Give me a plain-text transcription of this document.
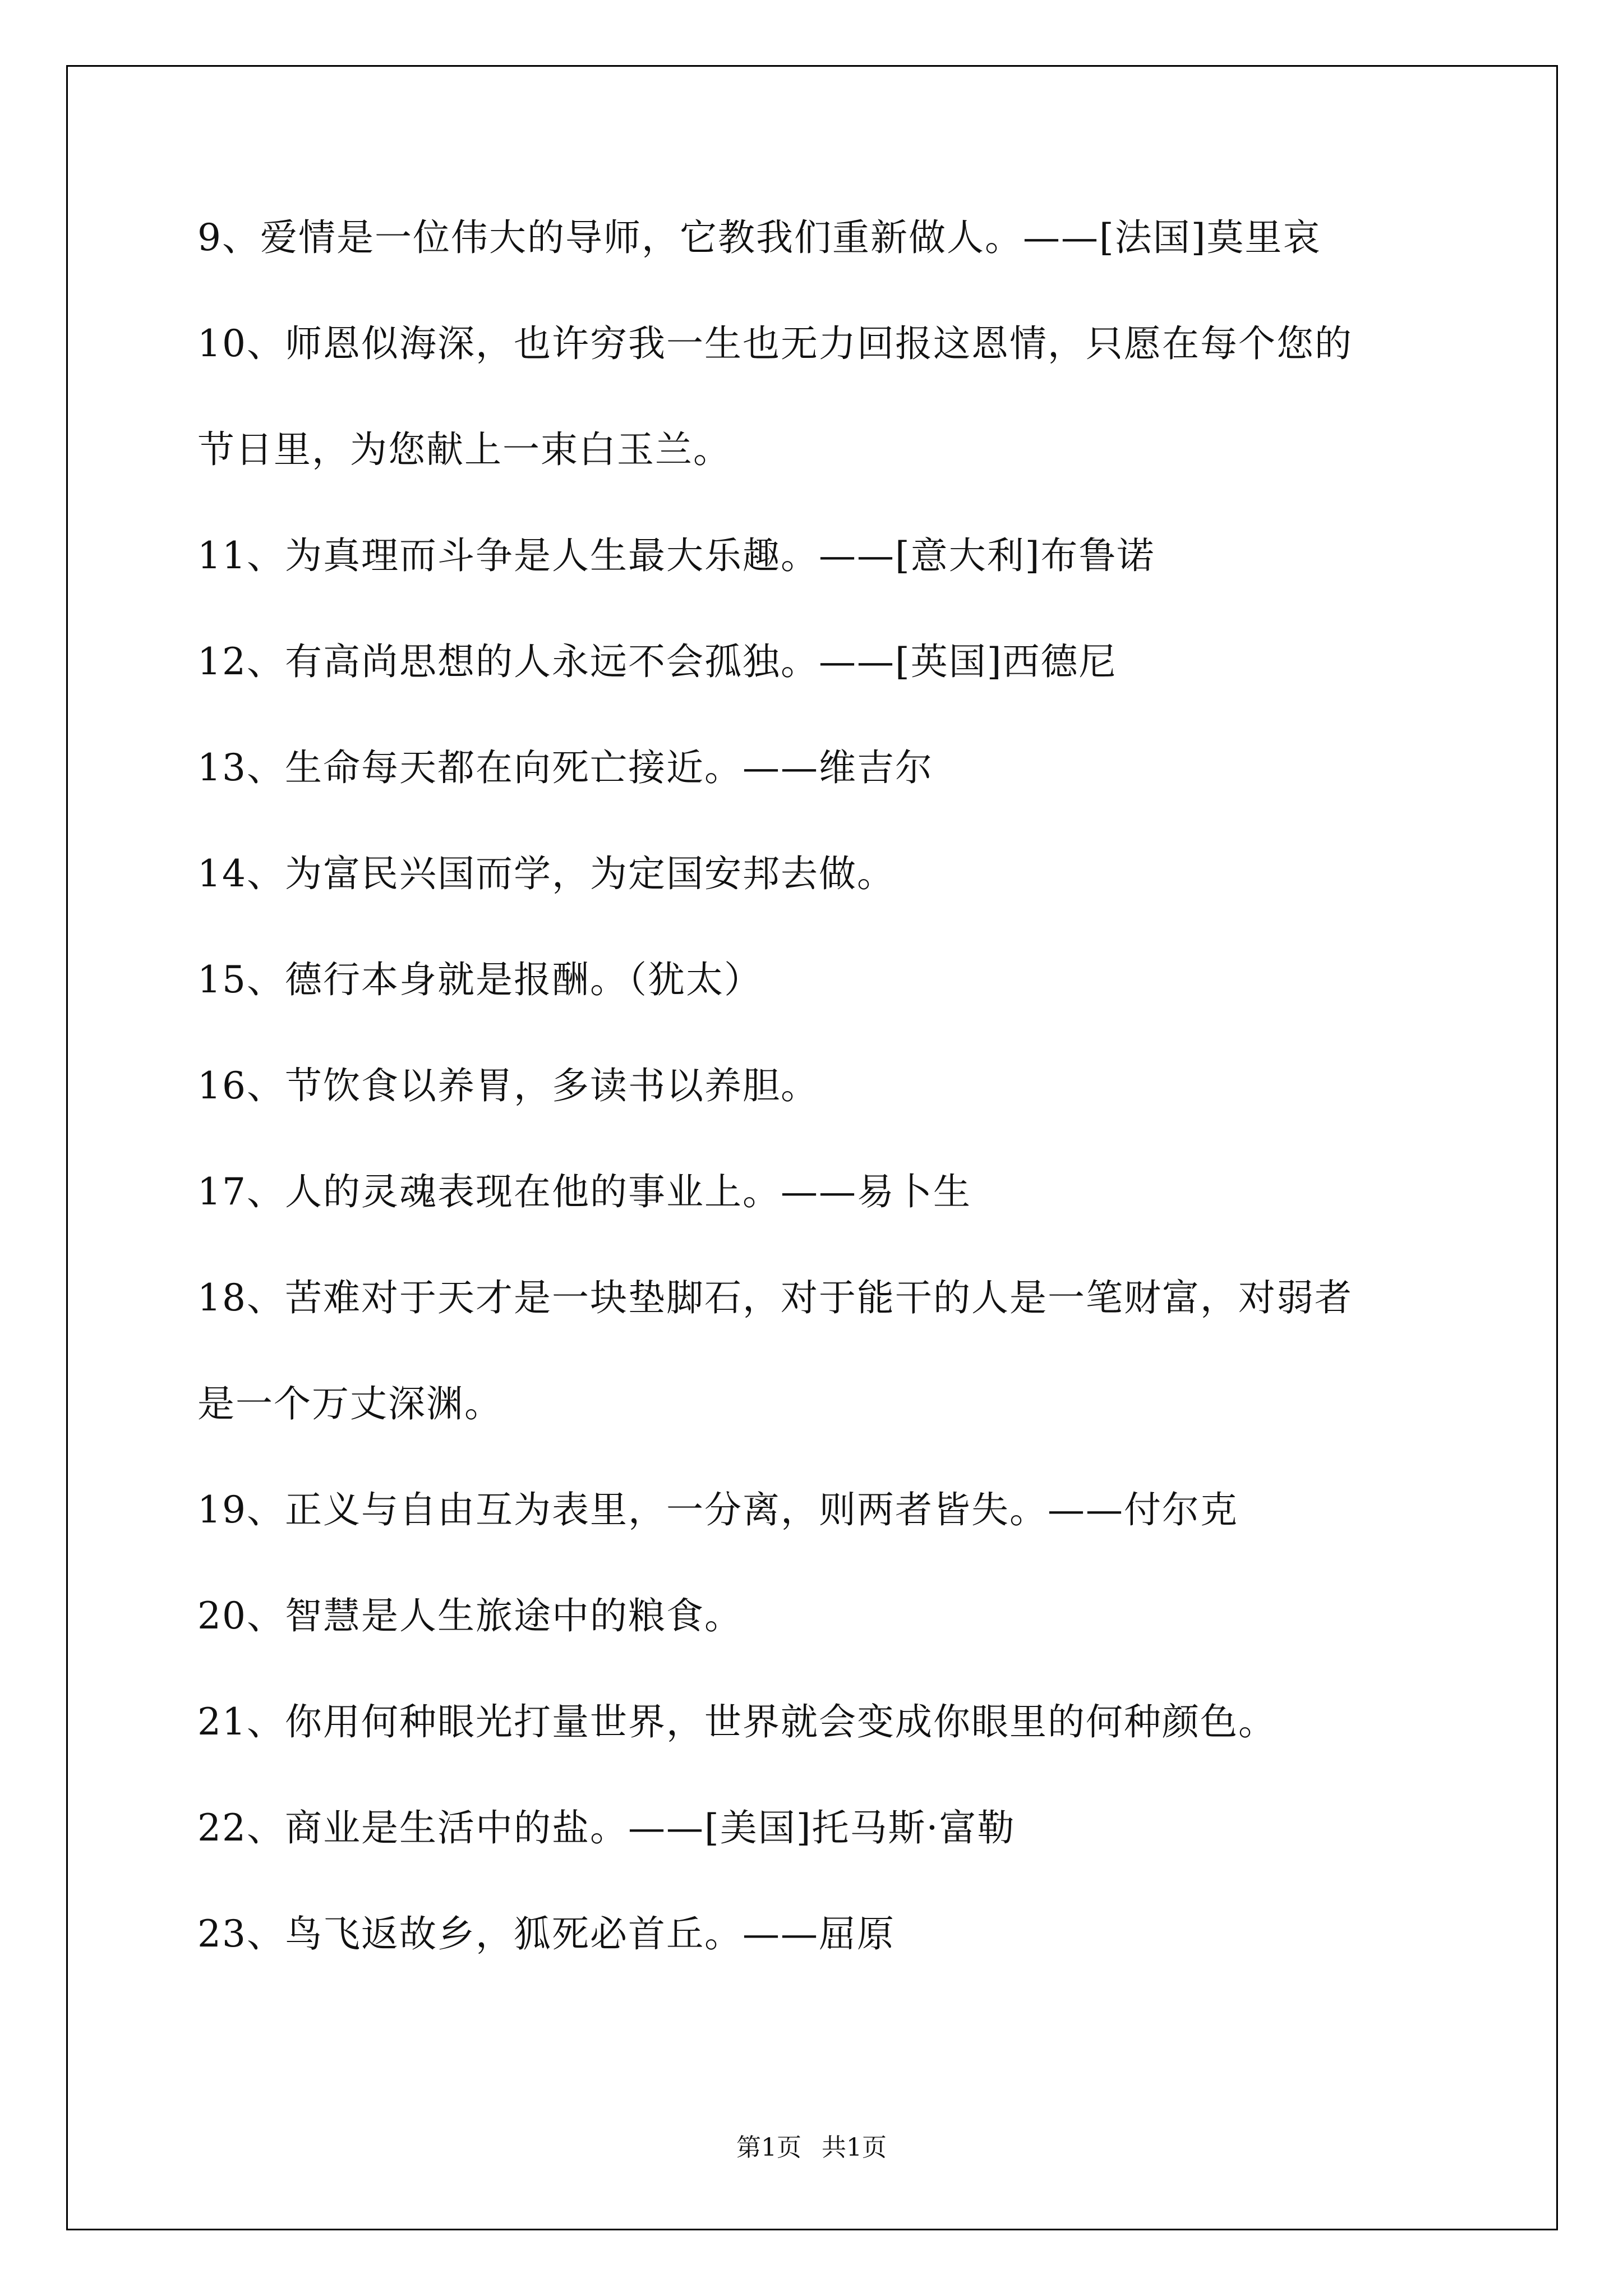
9、爱情是一位伟大的导师，它教我们重新做人。——[法国]莫里哀
10、师恩似海深，也许穷我一生也无力回报这恩情，只愿在每个您的
节日里，为您献上一束白玉兰。
11、为真理而斗争是人生最大乐趣。——[意大利]布鲁诺
12、有高尚思想的人永远不会孤独。——[英国]西德尼
13、生命每天都在向死亡接近。——维吉尔
14、为富民兴国而学，为定国安邦去做。
15、德行本身就是报酬。（犹太）
16、节饮食以养胃，多读书以养胆。
17、人的灵魂表现在他的事业上。——易卜生
18、苦难对于天才是一块垫脚石，对于能干的人是一笔财富，对弱者
是一个万丈深渊。
19、正义与自由互为表里，一分离，则两者皆失。——付尔克
20、智慧是人生旅途中的粮食。
21、你用何种眼光打量世界，世界就会变成你眼里的何种颜色。
22、商业是生活中的盐。——[美国]托马斯·富勒
23、鸟飞返故乡，狐死必首丘。——屈原
第1页 共1页
